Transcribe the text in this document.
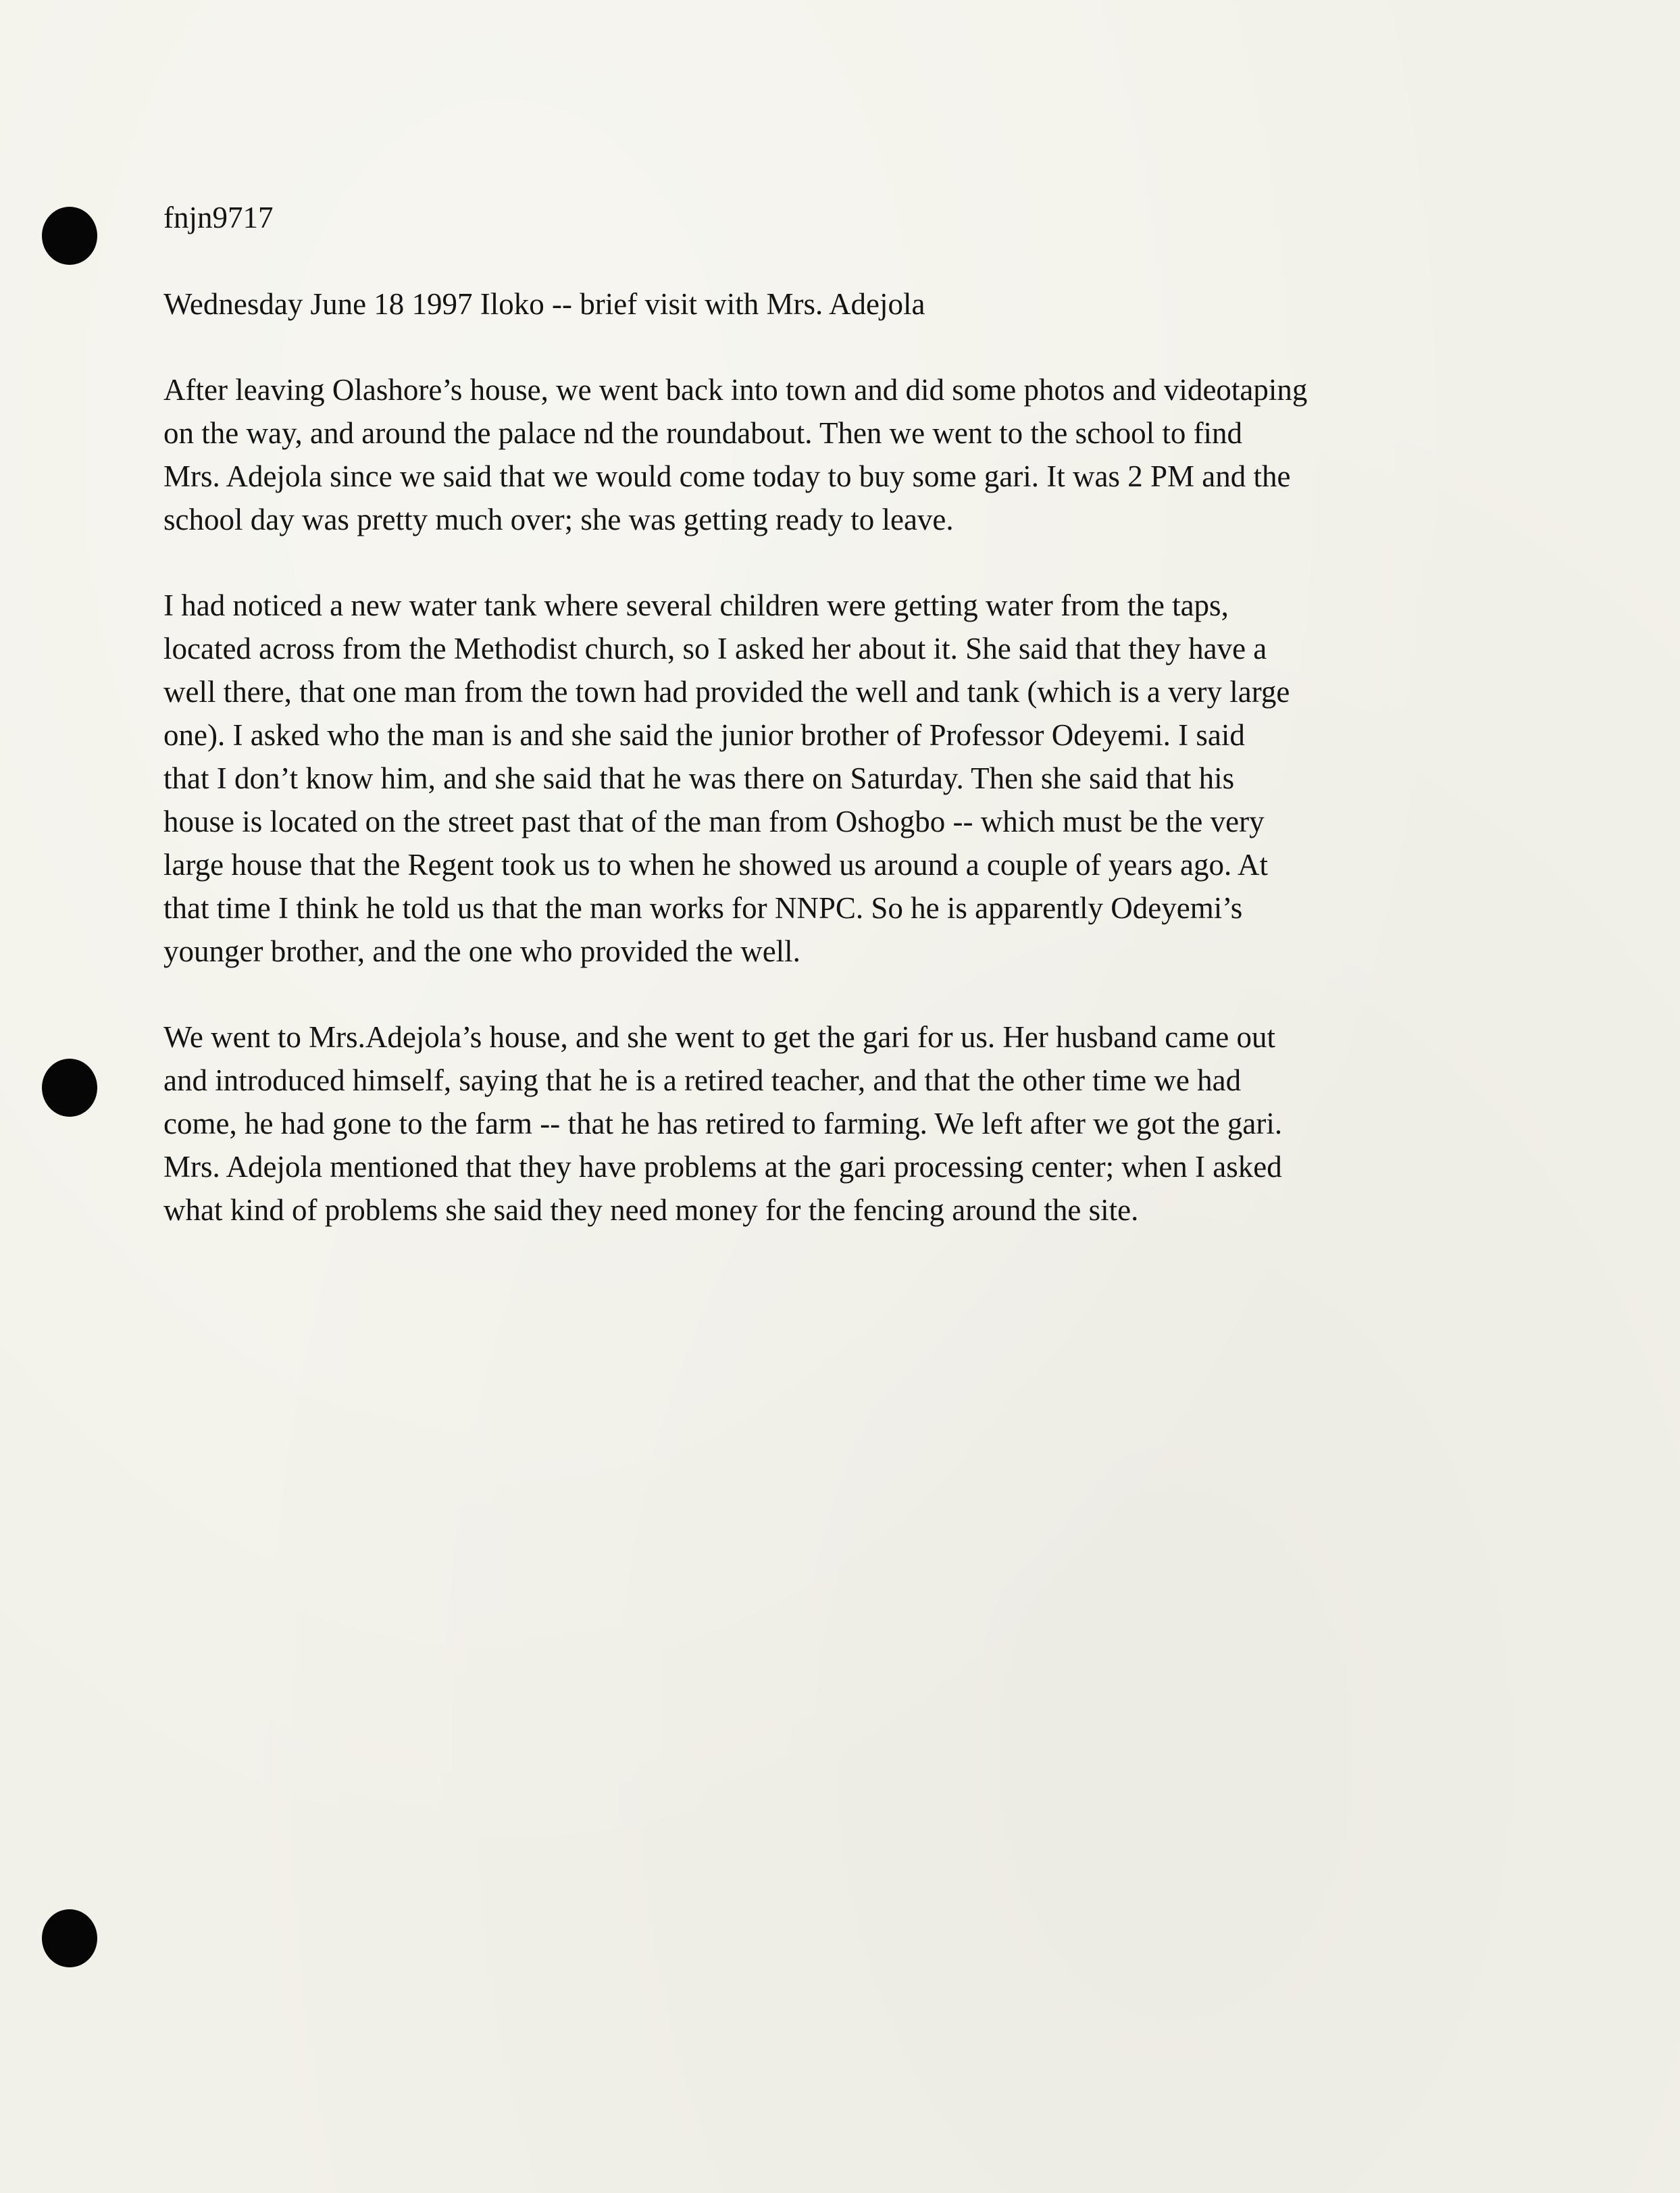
fnjn9717

Wednesday June 18 1997 Iloko -- brief visit with Mrs. Adejola

After leaving Olashore’s house, we went back into town and did some photos and videotaping
on the way, and around the palace nd the roundabout. Then we went to the school to find
Mrs. Adejola since we said that we would come today to buy some gari. It was 2 PM and the
school day was pretty much over; she was getting ready to leave.

I had noticed a new water tank where several children were getting water from the taps,
located across from the Methodist church, so I asked her about it. She said that they have a
well there, that one man from the town had provided the well and tank (which is a very large
one). I asked who the man is and she said the junior brother of Professor Odeyemi. I said
that I don’t know him, and she said that he was there on Saturday. Then she said that his
house is located on the street past that of the man from Oshogbo -- which must be the very
large house that the Regent took us to when he showed us around a couple of years ago. At
that time I think he told us that the man works for NNPC. So he is apparently Odeyemi’s
younger brother, and the one who provided the well.

We went to Mrs.Adejola’s house, and she went to get the gari for us. Her husband came out
and introduced himself, saying that he is a retired teacher, and that the other time we had
come, he had gone to the farm -- that he has retired to farming. We left after we got the gari.
Mrs. Adejola mentioned that they have problems at the gari processing center; when I asked
what kind of problems she said they need money for the fencing around the site.
